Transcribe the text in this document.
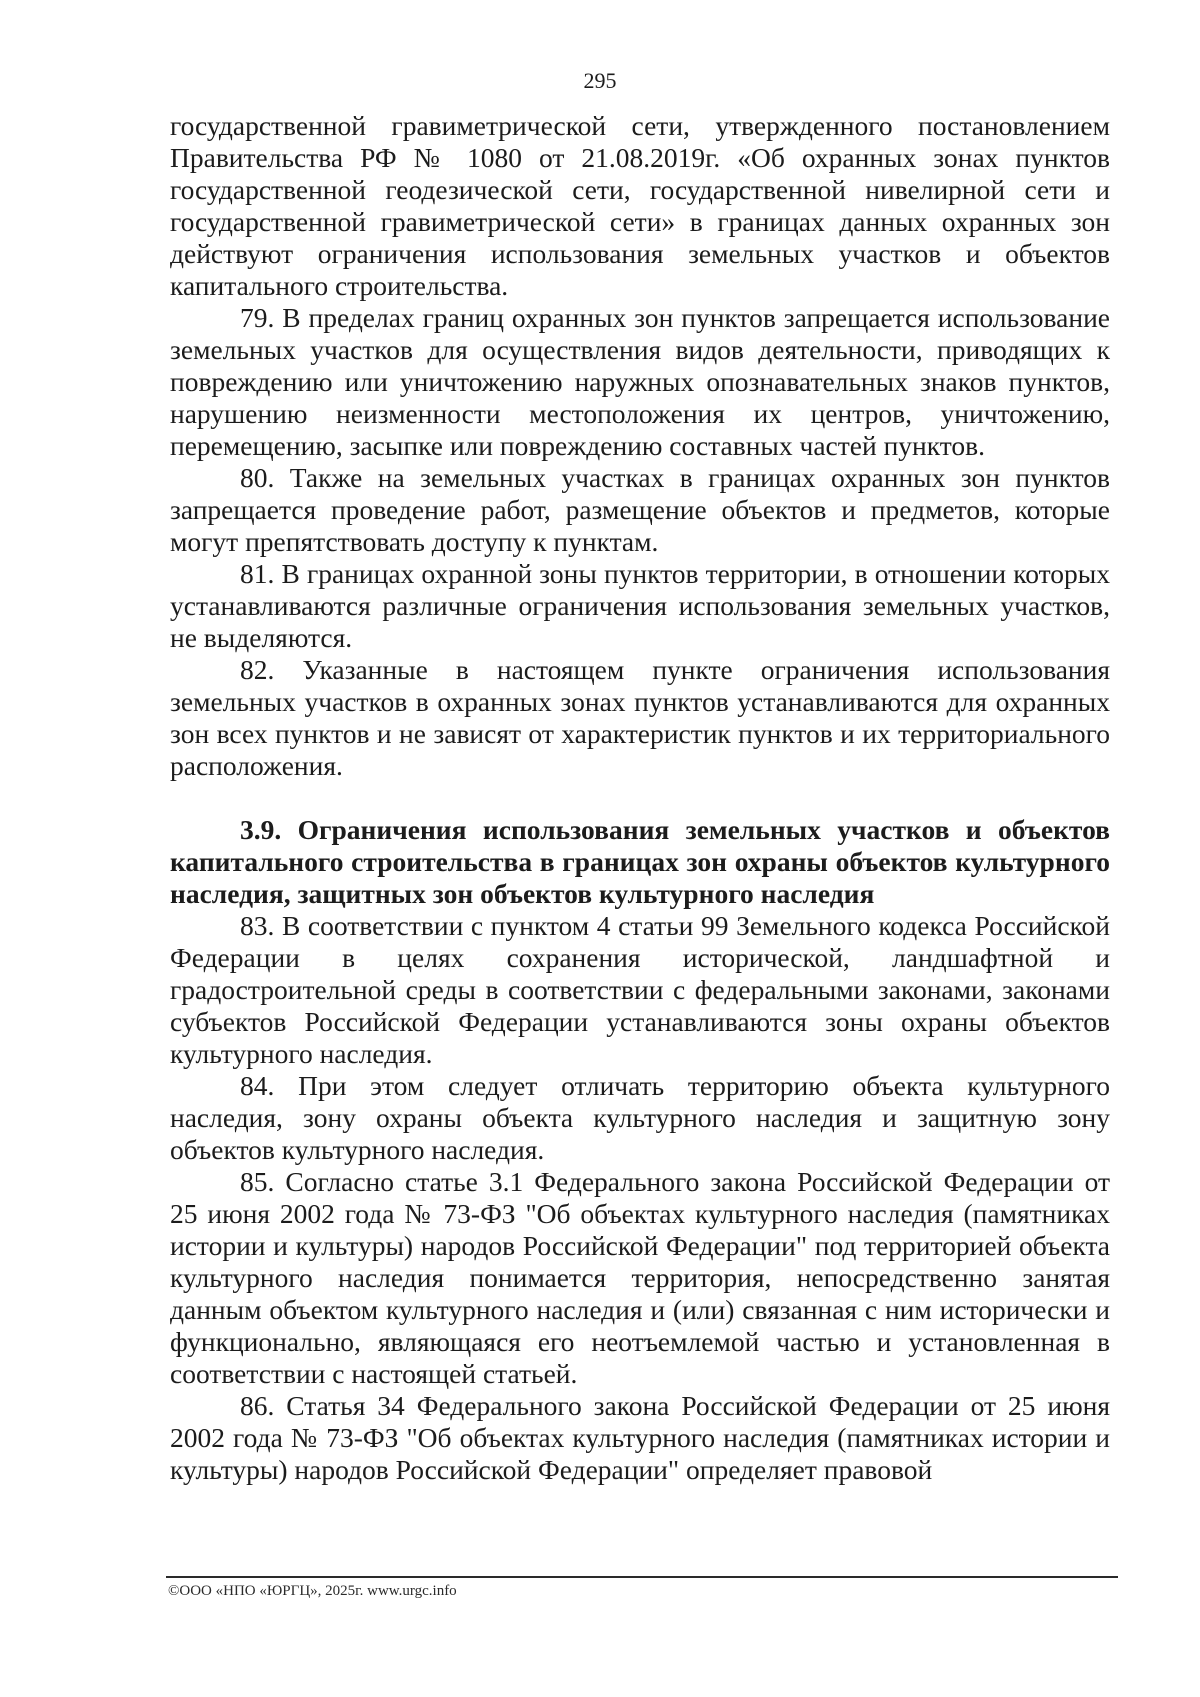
295

государственной гравиметрической сети, утвержденного постановлением Правительства РФ № 1080 от 21.08.2019г. «Об охранных зонах пунктов государственной геодезической сети, государственной нивелирной сети и государственной гравиметрической сети» в границах данных охранных зон действуют ограничения использования земельных участков и объектов капитального строительства.

79. В пределах границ охранных зон пунктов запрещается использование земельных участков для осуществления видов деятельности, приводящих к повреждению или уничтожению наружных опознавательных знаков пунктов, нарушению неизменности местоположения их центров, уничтожению, перемещению, засыпке или повреждению составных частей пунктов.

80. Также на земельных участках в границах охранных зон пунктов запрещается проведение работ, размещение объектов и предметов, которые могут препятствовать доступу к пунктам.

81. В границах охранной зоны пунктов территории, в отношении которых устанавливаются различные ограничения использования земельных участков, не выделяются.

82. Указанные в настоящем пункте ограничения использования земельных участков в охранных зонах пунктов устанавливаются для охранных зон всех пунктов и не зависят от характеристик пунктов и их территориального расположения.

3.9. Ограничения использования земельных участков и объектов капитального строительства в границах зон охраны объектов культурного наследия, защитных зон объектов культурного наследия

83. В соответствии с пунктом 4 статьи 99 Земельного кодекса Российской Федерации в целях сохранения исторической, ландшафтной и градостроительной среды в соответствии с федеральными законами, законами субъектов Российской Федерации устанавливаются зоны охраны объектов культурного наследия.

84. При этом следует отличать территорию объекта культурного наследия, зону охраны объекта культурного наследия и защитную зону объектов культурного наследия.

85. Согласно статье 3.1 Федерального закона Российской Федерации от 25 июня 2002 года № 73-ФЗ "Об объектах культурного наследия (памятниках истории и культуры) народов Российской Федерации" под территорией объекта культурного наследия понимается территория, непосредственно занятая данным объектом культурного наследия и (или) связанная с ним исторически и функционально, являющаяся его неотъемлемой частью и установленная в соответствии с настоящей статьей.

86. Статья 34 Федерального закона Российской Федерации от 25 июня 2002 года № 73-ФЗ "Об объектах культурного наследия (памятниках истории и культуры) народов Российской Федерации" определяет правовой

©ООО «НПО «ЮРГЦ», 2025г. www.urgc.info
